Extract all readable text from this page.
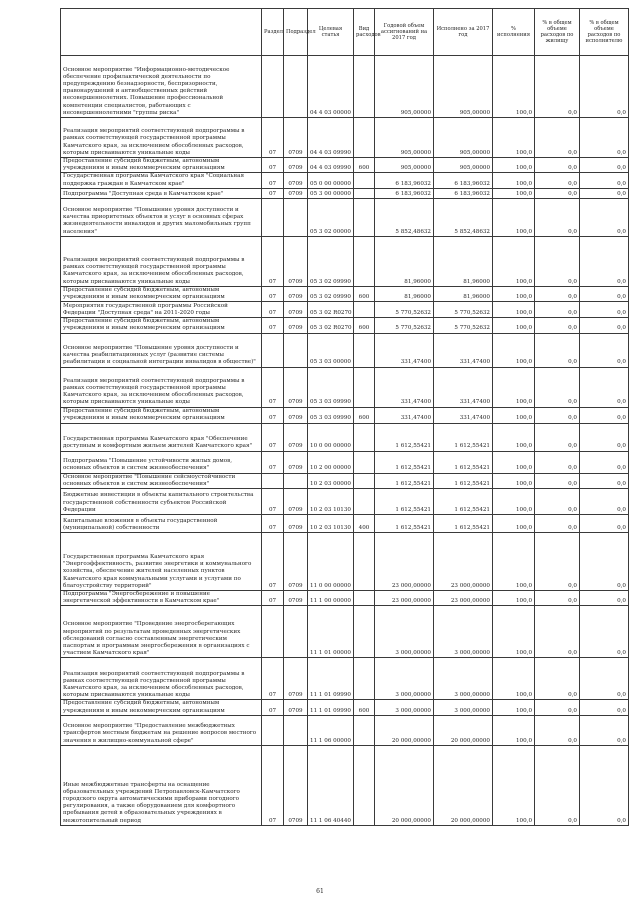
		Раздел	Подраздел	Целевая статья	Вид расходов	Годовой объем ассигнований на 2017 год	Исполнено за 2017 год	% исполнения	% в общем объеме расходов по жилищу	% в общем объеме расходов по исполнителю
	Основное мероприятие "Информационно-методическое обеспечение профилактической деятельности по предупреждению безнадзорности, беспризорности, правонарушений и антиобщественных действий несовершеннолетних. Повышение профессиональной компетенции специалистов, работающих с несовершеннолетними "группы риска"			04 4 03 00000		905,00000	905,00000	100,0	0,0	0,0
	Реализация мероприятий соответствующей подпрограммы в рамках соответствующей государственной программы Камчатского края, за исключением обособленных расходов, которым присваиваются уникальные коды	07	0709	04 4 03 09990		905,00000	905,00000	100,0	0,0	0,0
	Предоставление субсидий бюджетным, автономным учреждениям и иным некоммерческим организациям	07	0709	04 4 03 09990	600	905,00000	905,00000	100,0	0,0	0,0
	Государственная программа Камчатского края "Социальная поддержка граждан в Камчатском крае"	07	0709	05 0 00 00000		6 183,96032	6 183,96032	100,0	0,0	0,0
	Подпрограмма "Доступная среда в Камчатском крае"	07	0709	05 3 00 00000		6 183,96032	6 183,96032	100,0	0,0	0,0
	Основное мероприятие "Повышение уровня доступности и качества приоритетных объектов и услуг в основных сферах жизнедеятельности инвалидов и других маломобильных групп населения"			05 3 02 00000		5 852,48632	5 852,48632	100,0	0,0	0,0
	Реализация мероприятий соответствующей подпрограммы в рамках соответствующей государственной программы Камчатского края, за исключением обособленных расходов, которым присваиваются уникальные коды	07	0709	05 3 02 09990		81,96000	81,96000	100,0	0,0	0,0
	Предоставление субсидий бюджетным, автономным учреждениям и иным некоммерческим организациям	07	0709	05 3 02 09990	600	81,96000	81,96000	100,0	0,0	0,0
	Мероприятия государственной программы Российской Федерации "Доступная среда" на 2011-2020 годы	07	0709	05 3 02 R0270		5 770,52632	5 770,52632	100,0	0,0	0,0
	Предоставление субсидий бюджетным, автономным учреждениям и иным некоммерческим организациям	07	0709	05 3 02 R0270	600	5 770,52632	5 770,52632	100,0	0,0	0,0
	Основное мероприятие "Повышение уровня доступности и качества реабилитационных услуг (развитие системы реабилитации и социальной интеграции инвалидов в обществе)"			05 3 03 00000		331,47400	331,47400	100,0	0,0	0,0
	Реализация мероприятий соответствующей подпрограммы в рамках соответствующей государственной программы Камчатского края, за исключением обособленных расходов, которым присваиваются уникальные коды	07	0709	05 3 03 09990		331,47400	331,47400	100,0	0,0	0,0
	Предоставление субсидий бюджетным, автономным учреждениям и иным некоммерческим организациям	07	0709	05 3 03 09990	600	331,47400	331,47400	100,0	0,0	0,0
	Государственная программа Камчатского края "Обеспечение доступным и комфортным жильем жителей Камчатского края"	07	0709	10 0 00 00000		1 612,55421	1 612,55421	100,0	0,0	0,0
	Подпрограмма "Повышение устойчивости жилых домов, основных объектов и систем жизнеобеспечения"	07	0709	10 2 00 00000		1 612,55421	1 612,55421	100,0	0,0	0,0
	Основное мероприятие "Повышение сейсмоустойчивости основных объектов и систем жизнеобеспечения"			10 2 03 00000		1 612,55421	1 612,55421	100,0	0,0	0,0
	Бюджетные инвестиции в объекты капитального строительства государственной собственности субъектов Российской Федерации	07	0709	10 2 03 10130		1 612,55421	1 612,55421	100,0	0,0	0,0
	Капитальные вложения в объекты государственной (муниципальной) собственности	07	0709	10 2 03 10130	400	1 612,55421	1 612,55421	100,0	0,0	0,0
	Государственная программа Камчатского края "Энергоэффективность, развитие энергетики и коммунального хозяйства, обеспечение жителей населенных пунктов Камчатского края коммунальными услугами и услугами по благоустройству территорий"	07	0709	11 0 00 00000		23 000,00000	23 000,00000	100,0	0,0	0,0
	Подпрограмма "Энергосбережение и повышение энергетической эффективности в Камчатском крае"	07	0709	11 1 00 00000		23 000,00000	23 000,00000	100,0	0,0	0,0
	Основное мероприятие "Проведение энергосберегающих мероприятий по результатам проведенных энергетических обследований согласно составленным энергетическим паспортам и программам энергосбережения в организациях с участием Камчатского края"			11 1 01 00000		3 000,00000	3 000,00000	100,0	0,0	0,0
	Реализация мероприятий соответствующей подпрограммы в рамках соответствующей государственной программы Камчатского края, за исключением обособленных расходов, которым присваиваются уникальные коды	07	0709	11 1 01 09990		3 000,00000	3 000,00000	100,0	0,0	0,0
	Предоставление субсидий бюджетным, автономным учреждениям и иным некоммерческим организациям	07	0709	11 1 01 09990	600	3 000,00000	3 000,00000	100,0	0,0	0,0
	Основное мероприятие "Предоставление межбюджетных трансфертов местным бюджетам на решение вопросов местного значения в жилищно-коммунальной сфере"			11 1 06 00000		20 000,00000	20 000,00000	100,0	0,0	0,0
	Иные межбюджетные трансферты на оснащение образовательных учреждений Петропавловск-Камчатского городского округа автоматическими приборами погодного регулирования, а также оборудованием для комфортного пребывания детей в образовательных учреждениях в межотопительный период	07	0709	11 1 06 40440		20 000,00000	20 000,00000	100,0	0,0	0,0
61
